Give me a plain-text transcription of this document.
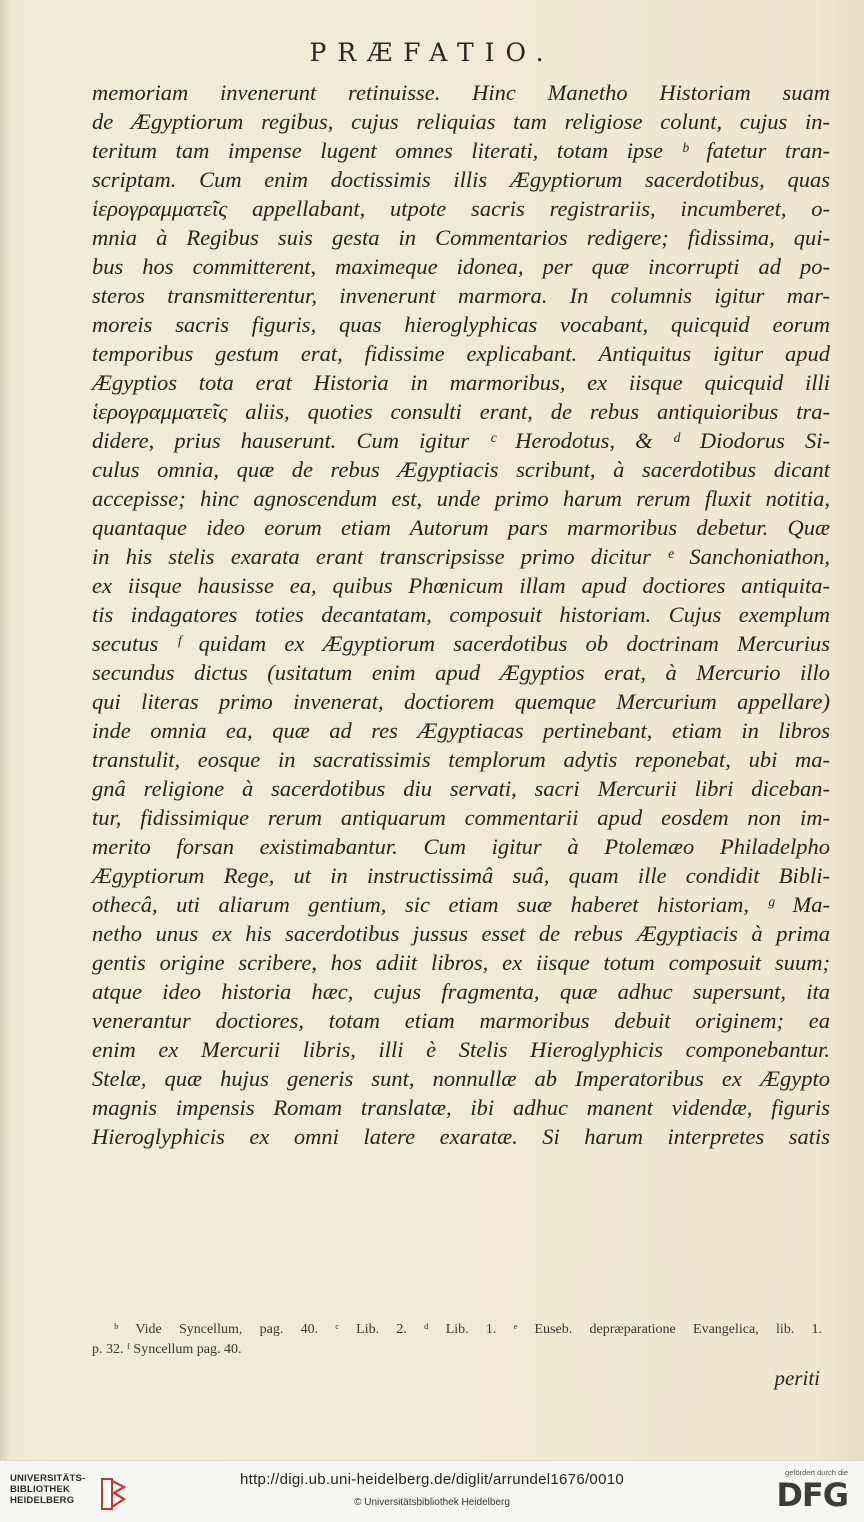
PRÆFATIO.
memoriam invenerunt retinuisse. Hinc Manetho Historiam suam
de Ægyptiorum regibus, cujus reliquias tam religiose colunt, cujus in-
teritum tam impense lugent omnes literati, totam ipse ᵇ fatetur tran-
scriptam. Cum enim doctissimis illis Ægyptiorum sacerdotibus, quas
ἱερογραμματεῖς appellabant, utpote sacris registrariis, incumberet, o-
mnia à Regibus suis gesta in Commentarios redigere; fidissima, qui-
bus hos committerent, maximeque idonea, per quæ incorrupti ad po-
steros transmitterentur, invenerunt marmora. In columnis igitur mar-
moreis sacris figuris, quas hieroglyphicas vocabant, quicquid eorum
temporibus gestum erat, fidissime explicabant. Antiquitus igitur apud
Ægyptios tota erat Historia in marmoribus, ex iisque quicquid illi
ἱερογραμματεῖς aliis, quoties consulti erant, de rebus antiquioribus tra-
didere, prius hauserunt. Cum igitur ᶜ Herodotus, & ᵈ Diodorus Si-
culus omnia, quæ de rebus Ægyptiacis scribunt, à sacerdotibus dicant
accepisse; hinc agnoscendum est, unde primo harum rerum fluxit notitia,
quantaque ideo eorum etiam Autorum pars marmoribus debetur. Quæ
in his stelis exarata erant transcripsisse primo dicitur ᵉ Sanchoniathon,
ex iisque hausisse ea, quibus Phœnicum illam apud doctiores antiquita-
tis indagatores toties decantatam, composuit historiam. Cujus exemplum
secutus ᶠ quidam ex Ægyptiorum sacerdotibus ob doctrinam Mercurius
secundus dictus (usitatum enim apud Ægyptios erat, à Mercurio illo
qui literas primo invenerat, doctiorem quemque Mercurium appellare)
inde omnia ea, quæ ad res Ægyptiacas pertinebant, etiam in libros
transtulit, eosque in sacratissimis templorum adytis reponebat, ubi ma-
gnâ religione à sacerdotibus diu servati, sacri Mercurii libri diceban-
tur, fidissimique rerum antiquarum commentarii apud eosdem non im-
merito forsan existimabantur. Cum igitur à Ptolemæo Philadelpho
Ægyptiorum Rege, ut in instructissimâ suâ, quam ille condidit Bibli-
othecâ, uti aliarum gentium, sic etiam suæ haberet historiam, ᵍ Ma-
netho unus ex his sacerdotibus jussus esset de rebus Ægyptiacis à prima
gentis origine scribere, hos adiit libros, ex iisque totum composuit suum;
atque ideo historia hæc, cujus fragmenta, quæ adhuc supersunt, ita
venerantur doctiores, totam etiam marmoribus debuit originem; ea
enim ex Mercurii libris, illi è Stelis Hieroglyphicis componebantur.
Stelæ, quæ hujus generis sunt, nonnullæ ab Imperatoribus ex Ægypto
magnis impensis Romam translatæ, ibi adhuc manent videndæ, figuris
Hieroglyphicis ex omni latere exaratæ. Si harum interpretes satis
ᵇ Vide Syncellum, pag. 40. ᶜ Lib. 2. ᵈ Lib. 1. ᵉ Euseb. depræparatione Evangelica, lib. 1.
p. 32. ᶠ Syncellum pag. 40.
periti
UNIVERSITÄTS-
BIBLIOTHEK
HEIDELBERG
http://digi.ub.uni-heidelberg.de/diglit/arrundel1676/0010
© Universitätsbibliothek Heidelberg
gefördert durch die
DFG
